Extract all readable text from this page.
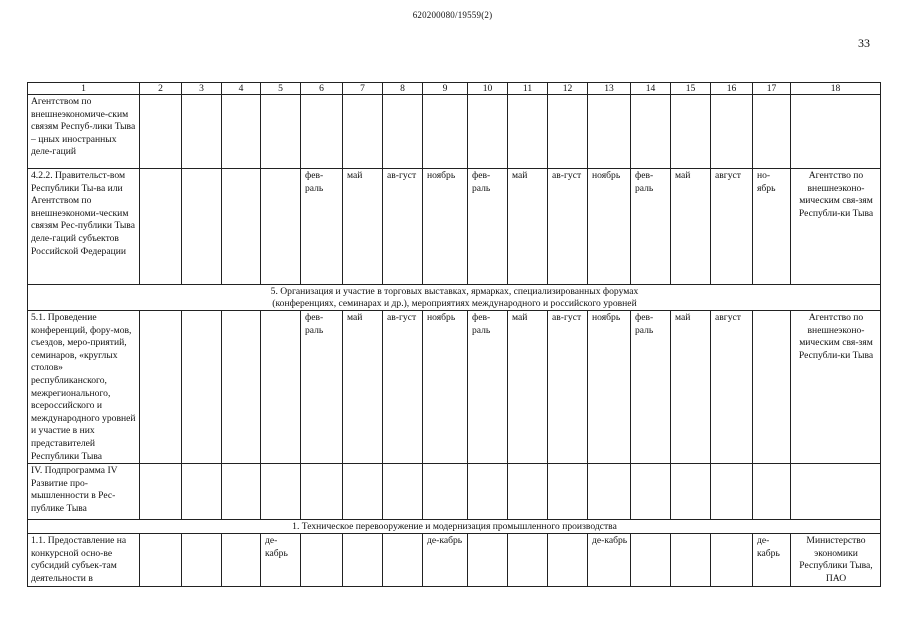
620200080/19559(2)
33
1	2	3	4	5	6	7	8	9	10	11	12	13	14	15	16	17	18
Агентством по внешнеэкономиче-ским связям Респуб-лики Тыва – цных иностранных деле-гаций																	
4.2.2. Правительст-вом Республики Ты-ва или Агентством по внешнеэкономи-ческим связям Рес-публики Тыва деле-гаций субъектов Российской Федерации					фев-раль	май	ав-густ	ноябрь	фев-раль	май	ав-густ	ноябрь	фев-раль	май	август	но-ябрь	Агентство по внешнеэконо-мическим свя-зям Республи-ки Тыва

5. Организация и участие в торговых выставках, ярмарках, специализированных форумах
(конференциях, семинарах и др.), мероприятиях международного и российского уровней																	

5.1. Проведение конференций, фору-мов, съездов, меро-приятий, семинаров, «круглых столов» республиканского, межрегионального, всероссийского и международного уровней и участие в них представителей Республики Тыва					фев-раль	май	ав-густ	ноябрь	фев-раль	май	ав-густ	ноябрь	фев-раль	май	август		Агентство по внешнеэконо-мическим свя-зям Республи-ки Тыва
IV. Подпрограмма IV Развитие про-мышленности в Рес-публике Тыва																	

1. Техническое перевооружение и модернизация промышленного производства																	

1.1. Предоставление на конкурсной осно-ве субсидий субъек-там деятельности в				де-кабрь				де-кабрь				де-кабрь				де-кабрь	Министерство экономики Республики Тыва, ПАО
